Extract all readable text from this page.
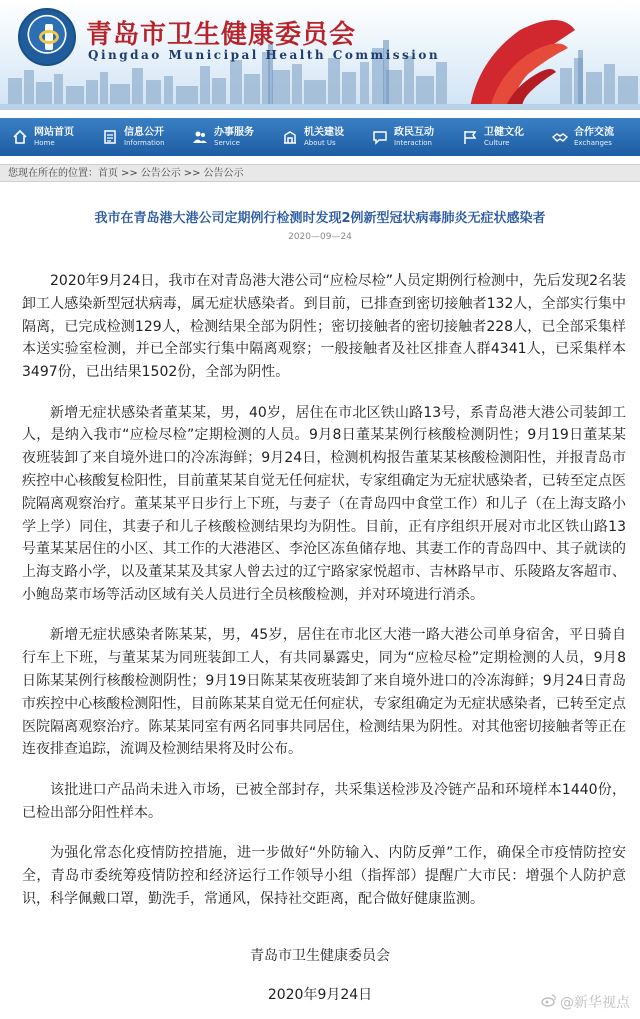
青岛市卫生健康委员会
Qingdao Municipal Health Commission
无限精彩
网站首页
Home
信息公开
Information
办事服务
Service
机关建设
About Us
政民互动
Interaction
卫健文化
Culture
合作交流
Exchanges
您现在所在的位置：首页 >> 公告公示 >> 公告公示
我市在青岛港大港公司定期例行检测时发现2例新型冠状病毒肺炎无症状感染者
2020—09—24

2020年9月24日，我市在对青岛港大港公司“应检尽检”人员定期例行检测中，先后发现2名装卸工人感染新型冠状病毒，属无症状感染者。到目前，已排查到密切接触者132人，全部实行集中隔离，已完成检测129人，检测结果全部为阴性；密切接触者的密切接触者228人，已全部采集样本送实验室检测，并已全部实行集中隔离观察；一般接触者及社区排查人群4341人，已采集样本3497份，已出结果1502份，全部为阴性。

新增无症状感染者董某某，男，40岁，居住在市北区铁山路13号，系青岛港大港公司装卸工人，是纳入我市“应检尽检”定期检测的人员。9月8日董某某例行核酸检测阴性；9月19日董某某夜班装卸了来自境外进口的冷冻海鲜；9月24日，检测机构报告董某某核酸检测阳性，并报青岛市疾控中心核酸复检阳性，目前董某某自觉无任何症状，专家组确定为无症状感染者，已转至定点医院隔离观察治疗。董某某平日步行上下班，与妻子（在青岛四中食堂工作）和儿子（在上海支路小学上学）同住，其妻子和儿子核酸检测结果均为阴性。目前，正有序组织开展对市北区铁山路13号董某某居住的小区、其工作的大港港区、李沧区冻鱼储存地、其妻工作的青岛四中、其子就读的上海支路小学，以及董某某及其家人曾去过的辽宁路家家悦超市、吉林路早市、乐陵路友客超市、小鲍岛菜市场等活动区域有关人员进行全员核酸检测，并对环境进行消杀。

新增无症状感染者陈某某，男，45岁，居住在市北区大港一路大港公司单身宿舍，平日骑自行车上下班，与董某某为同班装卸工人，有共同暴露史，同为“应检尽检”定期检测的人员，9月8日陈某某例行核酸检测阴性；9月19日陈某某夜班装卸了来自境外进口的冷冻海鲜；9月24日青岛市疾控中心核酸检测阳性，目前陈某某自觉无任何症状，专家组确定为无症状感染者，已转至定点医院隔离观察治疗。陈某某同室有两名同事共同居住，检测结果为阴性。对其他密切接触者等正在连夜排查追踪，流调及检测结果将及时公布。

该批进口产品尚未进入市场，已被全部封存，共采集送检涉及冷链产品和环境样本1440份，已检出部分阳性样本。

为强化常态化疫情防控措施，进一步做好“外防输入、内防反弹”工作，确保全市疫情防控安全，青岛市委统筹疫情防控和经济运行工作领导小组（指挥部）提醒广大市民：增强个人防护意识，科学佩戴口罩，勤洗手，常通风，保持社交距离，配合做好健康监测。

青岛市卫生健康委员会
2020年9月24日	@新华视点
